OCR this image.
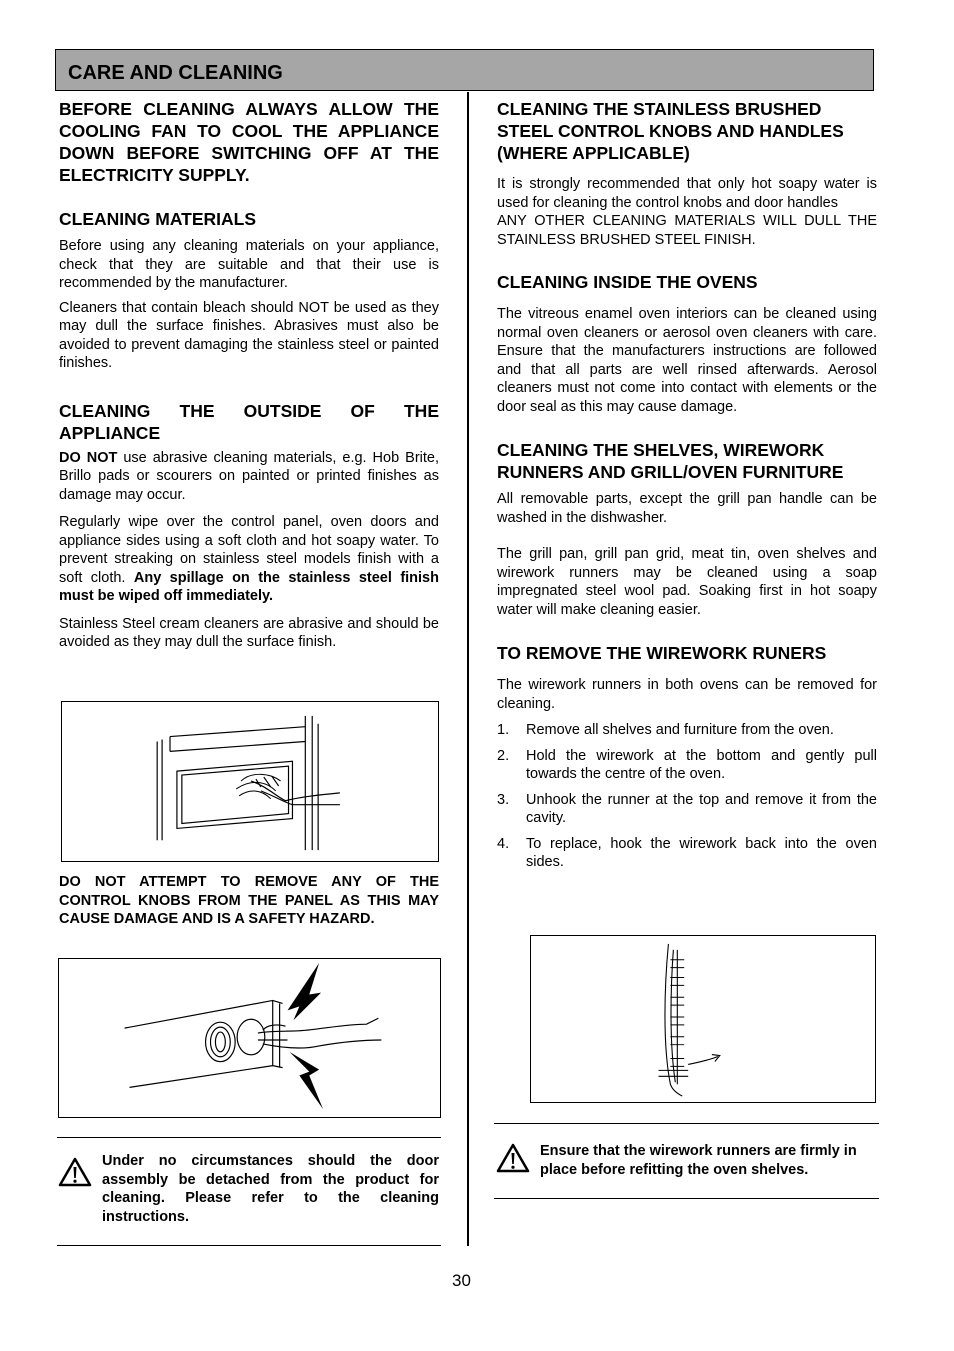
CARE AND CLEANING
BEFORE CLEANING ALWAYS ALLOW THE COOLING FAN TO COOL THE APPLIANCE DOWN BEFORE SWITCHING OFF AT THE ELECTRICITY SUPPLY.
CLEANING MATERIALS

Before using any cleaning materials on your appliance, check that they are suitable and that their use is recommended by the manufacturer.

Cleaners that contain bleach should NOT be used as they may dull the surface finishes. Abrasives must also be avoided to prevent damaging the stainless steel or painted finishes.

CLEANING THE OUTSIDE OF THE APPLIANCE

DO NOT use abrasive cleaning materials, e.g. Hob Brite, Brillo pads or scourers on painted or printed finishes as damage may occur.

Regularly wipe over the control panel, oven doors and appliance sides using a soft cloth and hot soapy water. To prevent streaking on stainless steel models finish with a soft cloth. Any spillage on the stainless steel finish must be wiped off immediately.

Stainless Steel cream cleaners are abrasive and should be avoided as they may dull the surface finish.

DO NOT ATTEMPT TO REMOVE ANY OF THE CONTROL KNOBS FROM THE PANEL AS THIS MAY CAUSE DAMAGE AND IS A SAFETY HAZARD.

Under no circumstances should the door assembly be detached from the product for cleaning. Please refer to the cleaning instructions.

CLEANING THE STAINLESS BRUSHED STEEL CONTROL KNOBS AND HANDLES (WHERE APPLICABLE)

It is strongly recommended that only hot soapy water is used for cleaning the control knobs and door handles

ANY OTHER CLEANING MATERIALS WILL DULL THE STAINLESS BRUSHED STEEL FINISH.

CLEANING INSIDE THE OVENS

The vitreous enamel oven interiors can be cleaned using normal oven cleaners or aerosol oven cleaners with care. Ensure that the manufacturers instructions are followed and that all parts are well rinsed afterwards. Aerosol cleaners must not come into contact with elements or the door seal as this may cause damage.

CLEANING THE SHELVES, WIREWORK RUNNERS AND GRILL/OVEN FURNITURE

All removable parts, except the grill pan handle can be washed in the dishwasher.

The grill pan, grill pan grid, meat tin, oven shelves and wirework runners may be cleaned using a soap impregnated steel wool pad. Soaking first in hot soapy water will make cleaning easier.

TO REMOVE THE WIREWORK RUNERS

The wirework runners in both ovens can be removed for cleaning.

1. Remove all shelves and furniture from the oven.
2. Hold the wirework at the bottom and gently pull towards the centre of the oven.
3. Unhook the runner at the top and remove it from the cavity.
4. To replace, hook the wirework back into the oven sides.

Ensure that the wirework runners are firmly in place before refitting the oven shelves.

30
